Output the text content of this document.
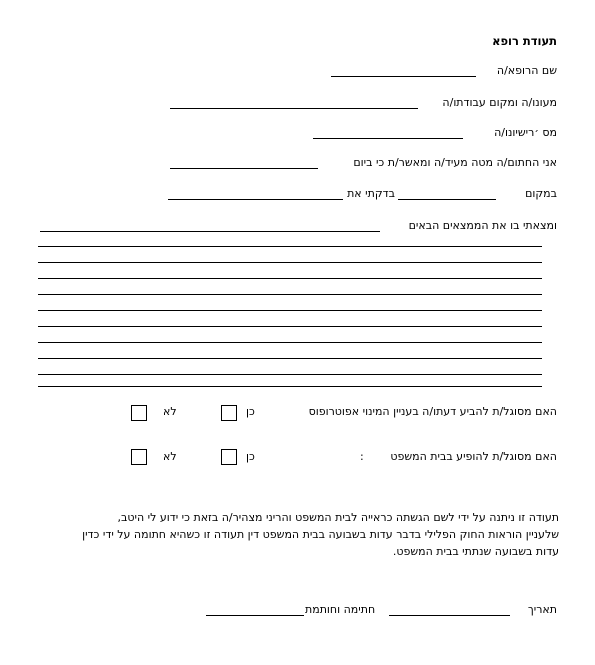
תעודת רופא
שם הרופא/ה
מעונו/ה ומקום עבודתו/ה
מס ׳רישיונו/ה
אני החתום/ה מטה מעיד/ה ומאשר/ת כי ביום
במקום
בדקתי את
ומצאתי בו את הממצאים הבאים
האם מסוגל/ת להביע דעתו/ה בעניין המינוי אפוטרופוס
כן
לא
האם מסוגל/ת להופיע בבית המשפט
:
כן
לא
תעודה זו ניתנה על ידי לשם הגשתה כראייה לבית המשפט והריני מצהיר/ה בזאת כי ידוע לי היטב,
שלעניין הוראות החוק הפלילי בדבר עדות בשבועה בבית המשפט דין תעודה זו כשהיא חתומה על ידי כדין
עדות בשבועה שנתתי בבית המשפט.
תאריך
חתימה וחותמת
